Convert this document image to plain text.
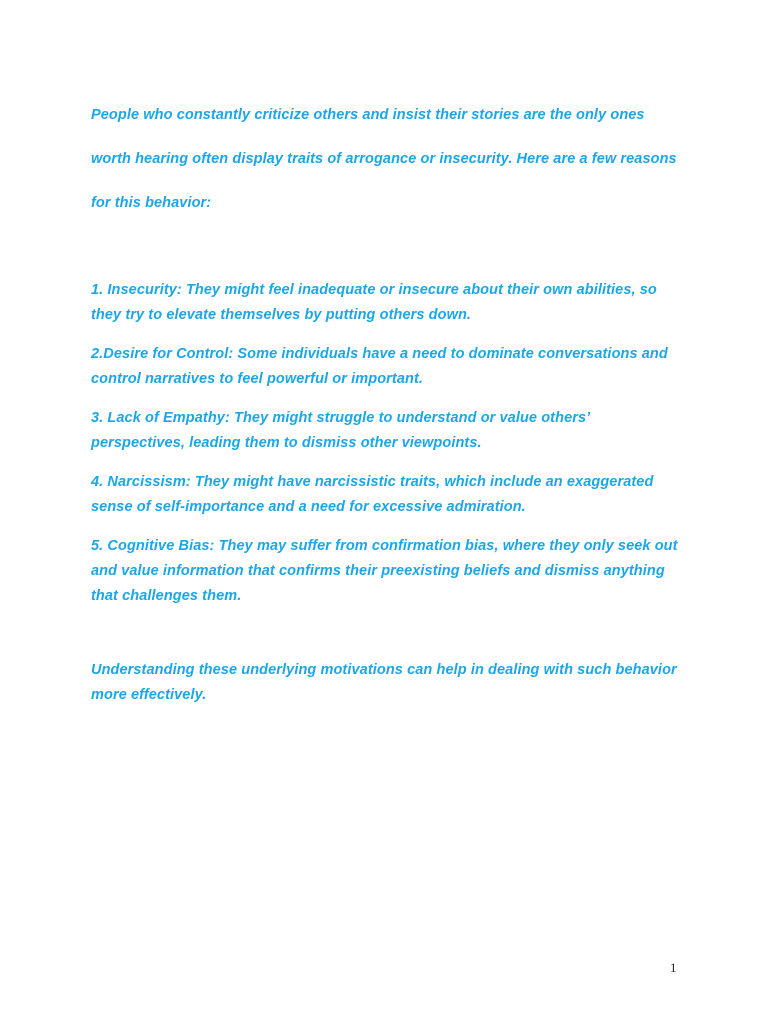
People who constantly criticize others and insist their stories are the only ones worth hearing often display traits of arrogance or insecurity. Here are a few reasons for this behavior:

1. Insecurity: They might feel inadequate or insecure about their own abilities, so they try to elevate themselves by putting others down.

2.Desire for Control: Some individuals have a need to dominate conversations and control narratives to feel powerful or important.

3. Lack of Empathy: They might struggle to understand or value others’ perspectives, leading them to dismiss other viewpoints.

4. Narcissism: They might have narcissistic traits, which include an exaggerated sense of self-importance and a need for excessive admiration.

5. Cognitive Bias: They may suffer from confirmation bias, where they only seek out and value information that confirms their preexisting beliefs and dismiss anything that challenges them.

Understanding these underlying motivations can help in dealing with such behavior more effectively.

1
